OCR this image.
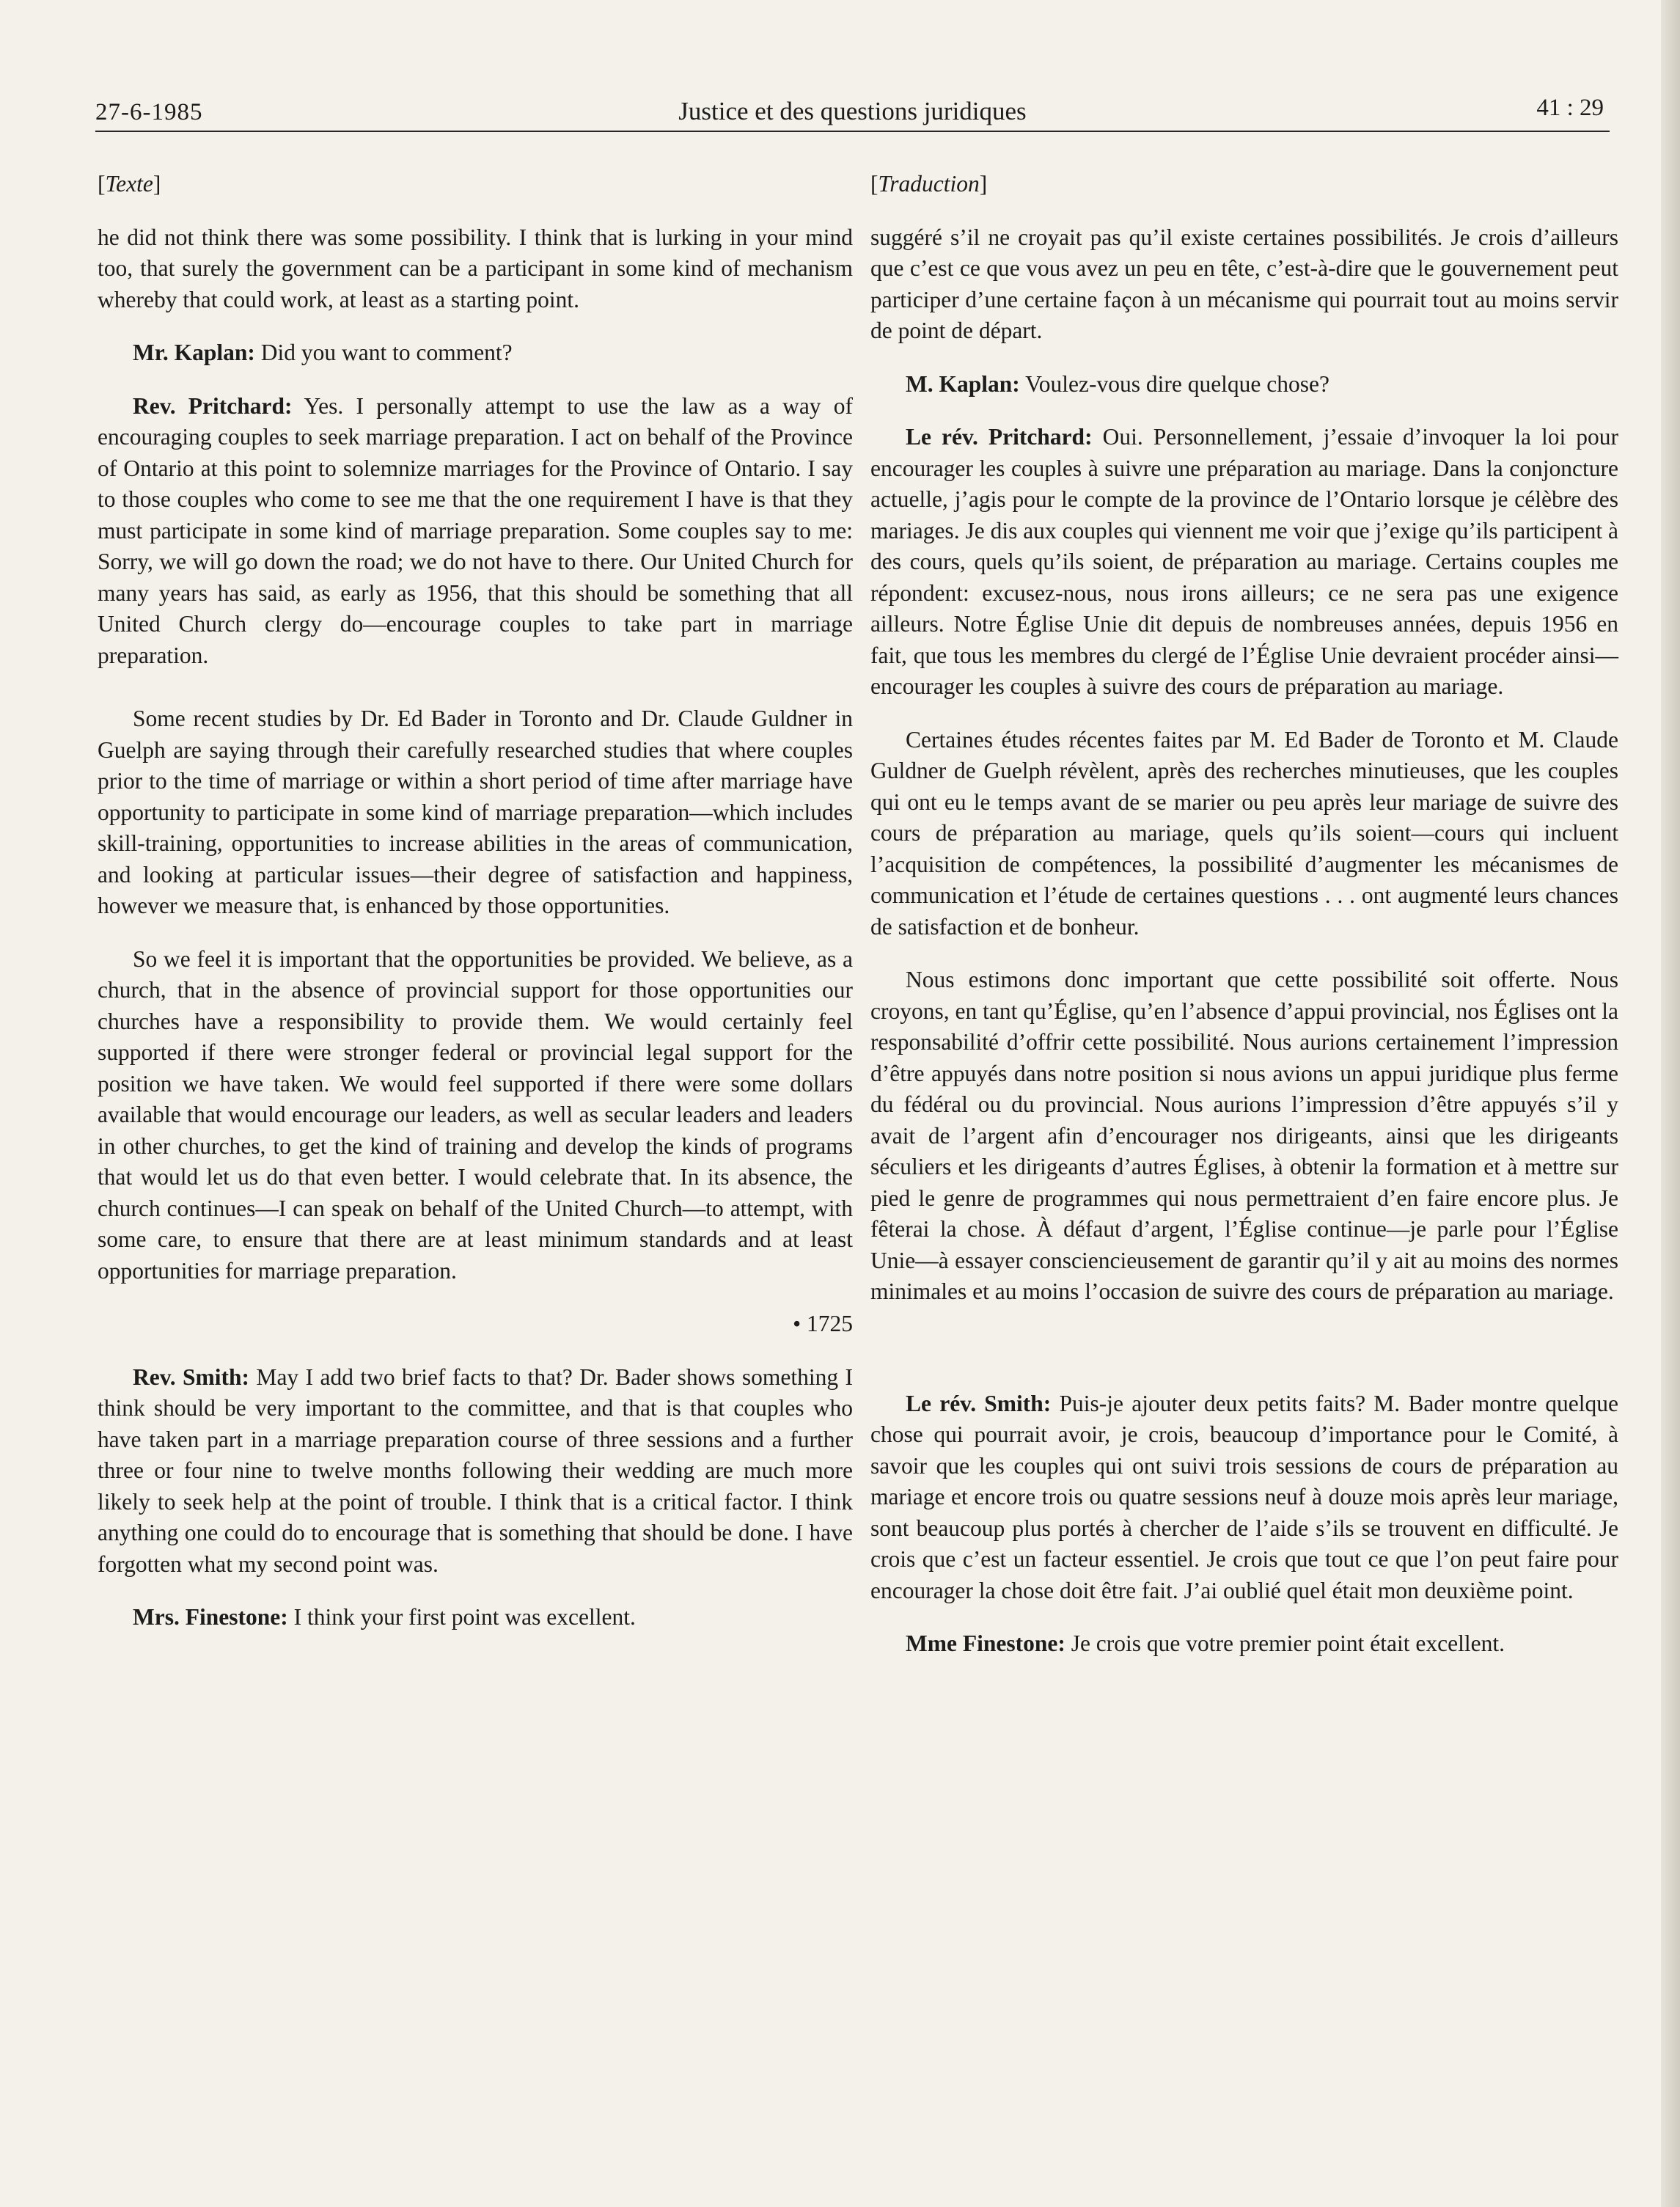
27-6-1985	Justice et des questions juridiques	41 : 29

[Texte]

he did not think there was some possibility. I think that is lurking in your mind too, that surely the government can be a participant in some kind of mechanism whereby that could work, at least as a starting point.

Mr. Kaplan: Did you want to comment?

Rev. Pritchard: Yes. I personally attempt to use the law as a way of encouraging couples to seek marriage preparation. I act on behalf of the Province of Ontario at this point to solemnize marriages for the Province of Ontario. I say to those couples who come to see me that the one requirement I have is that they must participate in some kind of marriage preparation. Some couples say to me: Sorry, we will go down the road; we do not have to there. Our United Church for many years has said, as early as 1956, that this should be something that all United Church clergy do—encourage couples to take part in marriage preparation.

Some recent studies by Dr. Ed Bader in Toronto and Dr. Claude Guldner in Guelph are saying through their carefully researched studies that where couples prior to the time of marriage or within a short period of time after marriage have opportunity to participate in some kind of marriage preparation—which includes skill-training, opportunities to increase abilities in the areas of communication, and looking at particular issues—their degree of satisfaction and happiness, however we measure that, is enhanced by those opportunities.

So we feel it is important that the opportunities be provided. We believe, as a church, that in the absence of provincial support for those opportunities our churches have a responsibility to provide them. We would certainly feel supported if there were stronger federal or provincial legal support for the position we have taken. We would feel supported if there were some dollars available that would encourage our leaders, as well as secular leaders and leaders in other churches, to get the kind of training and develop the kinds of programs that would let us do that even better. I would celebrate that. In its absence, the church continues—I can speak on behalf of the United Church—to attempt, with some care, to ensure that there are at least minimum standards and at least opportunities for marriage preparation.

• 1725

Rev. Smith: May I add two brief facts to that? Dr. Bader shows something I think should be very important to the committee, and that is that couples who have taken part in a marriage preparation course of three sessions and a further three or four nine to twelve months following their wedding are much more likely to seek help at the point of trouble. I think that is a critical factor. I think anything one could do to encourage that is something that should be done. I have forgotten what my second point was.

Mrs. Finestone: I think your first point was excellent.

[Traduction]

suggéré s’il ne croyait pas qu’il existe certaines possibilités. Je crois d’ailleurs que c’est ce que vous avez un peu en tête, c’est-à-dire que le gouvernement peut participer d’une certaine façon à un mécanisme qui pourrait tout au moins servir de point de départ.

M. Kaplan: Voulez-vous dire quelque chose?

Le rév. Pritchard: Oui. Personnellement, j’essaie d’invoquer la loi pour encourager les couples à suivre une préparation au mariage. Dans la conjoncture actuelle, j’agis pour le compte de la province de l’Ontario lorsque je célèbre des mariages. Je dis aux couples qui viennent me voir que j’exige qu’ils participent à des cours, quels qu’ils soient, de préparation au mariage. Certains couples me répondent: excusez-nous, nous irons ailleurs; ce ne sera pas une exigence ailleurs. Notre Église Unie dit depuis de nombreuses années, depuis 1956 en fait, que tous les membres du clergé de l’Église Unie devraient procéder ainsi—encourager les couples à suivre des cours de préparation au mariage.

Certaines études récentes faites par M. Ed Bader de Toronto et M. Claude Guldner de Guelph révèlent, après des recherches minutieuses, que les couples qui ont eu le temps avant de se marier ou peu après leur mariage de suivre des cours de préparation au mariage, quels qu’ils soient—cours qui incluent l’acquisition de compétences, la possibilité d’augmenter les mécanismes de communication et l’étude de certaines questions . . . ont augmenté leurs chances de satisfaction et de bonheur.

Nous estimons donc important que cette possibilité soit offerte. Nous croyons, en tant qu’Église, qu’en l’absence d’appui provincial, nos Églises ont la responsabilité d’offrir cette possibilité. Nous aurions certainement l’impression d’être appuyés dans notre position si nous avions un appui juridique plus ferme du fédéral ou du provincial. Nous aurions l’impression d’être appuyés s’il y avait de l’argent afin d’encourager nos dirigeants, ainsi que les dirigeants séculiers et les dirigeants d’autres Églises, à obtenir la formation et à mettre sur pied le genre de programmes qui nous permettraient d’en faire encore plus. Je fêterai la chose. À défaut d’argent, l’Église continue—je parle pour l’Église Unie—à essayer consciencieusement de garantir qu’il y ait au moins des normes minimales et au moins l’occasion de suivre des cours de préparation au mariage.

Le rév. Smith: Puis-je ajouter deux petits faits? M. Bader montre quelque chose qui pourrait avoir, je crois, beaucoup d’importance pour le Comité, à savoir que les couples qui ont suivi trois sessions de cours de préparation au mariage et encore trois ou quatre sessions neuf à douze mois après leur mariage, sont beaucoup plus portés à chercher de l’aide s’ils se trouvent en difficulté. Je crois que c’est un facteur essentiel. Je crois que tout ce que l’on peut faire pour encourager la chose doit être fait. J’ai oublié quel était mon deuxième point.

Mme Finestone: Je crois que votre premier point était excellent.
